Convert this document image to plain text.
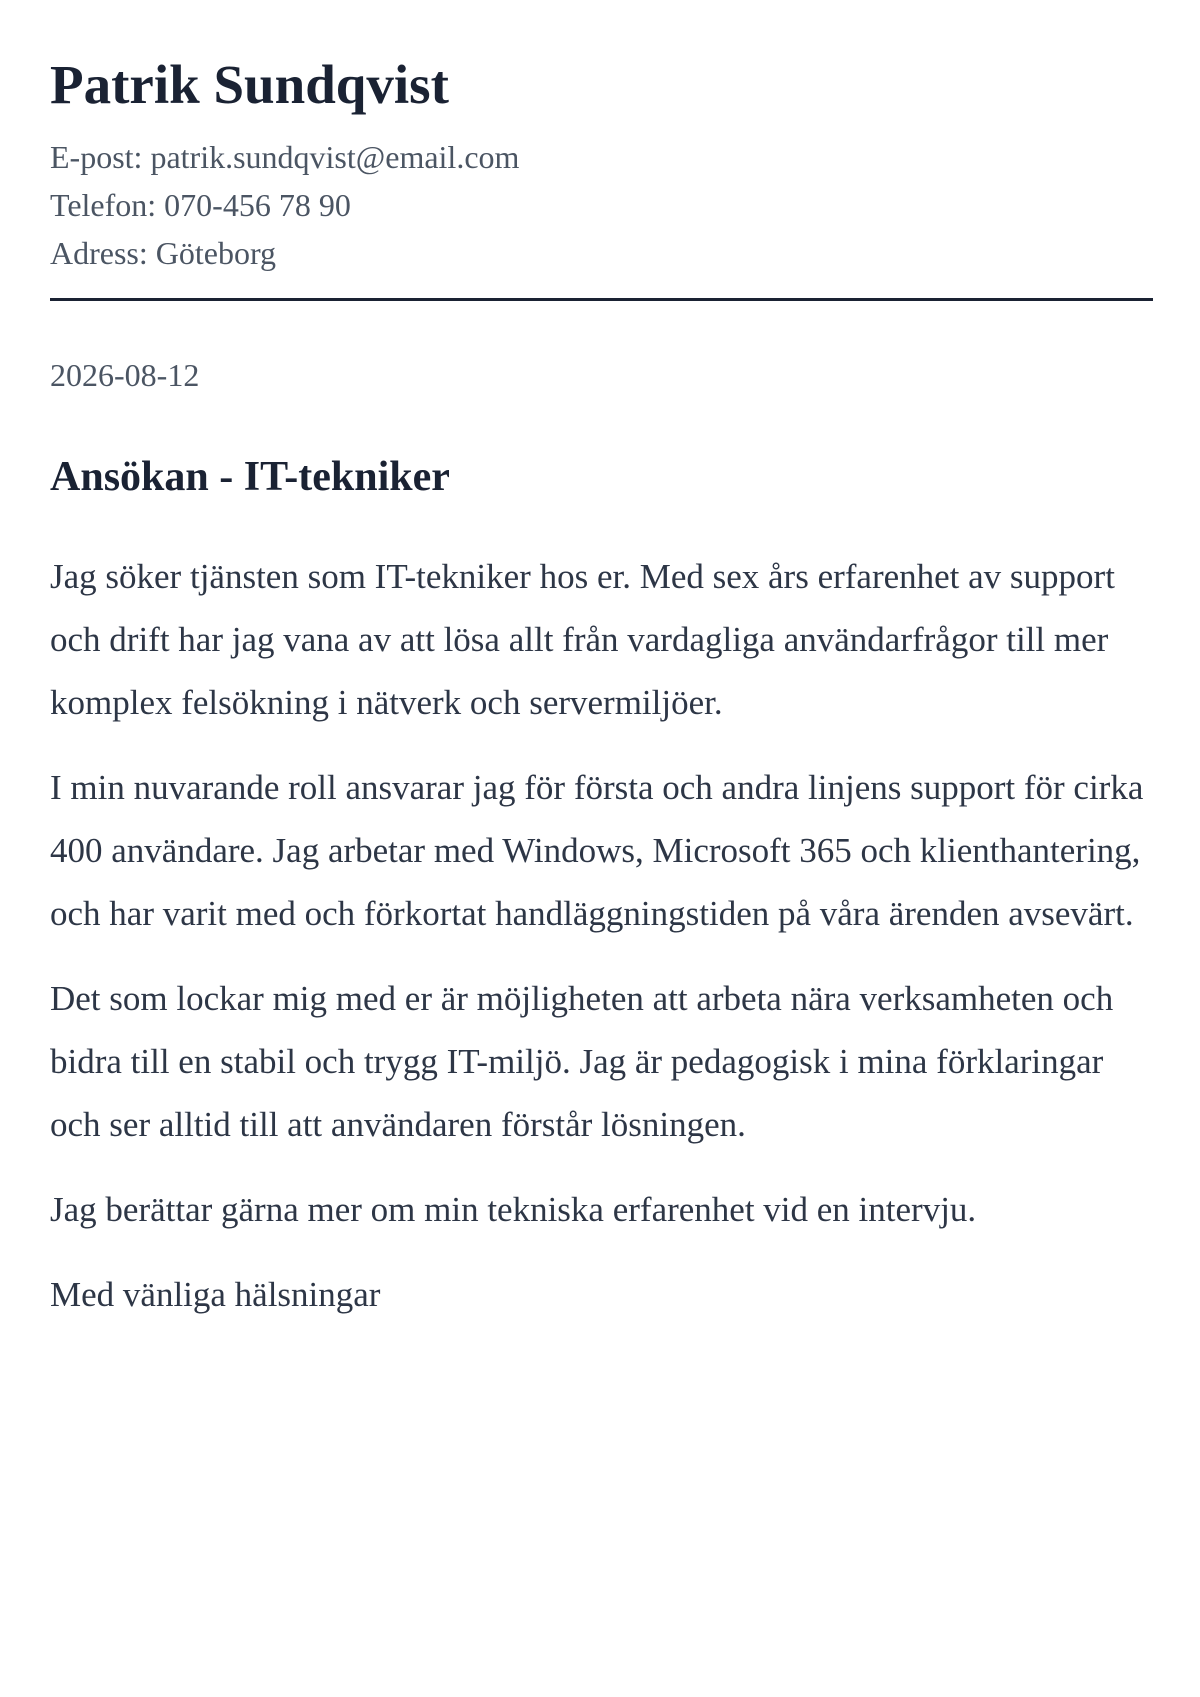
Patrik Sundqvist
E-post: patrik.sundqvist@email.com
Telefon: 070-456 78 90
Adress: Göteborg
2026-08-12
Ansökan - IT-tekniker

Jag söker tjänsten som IT-tekniker hos er. Med sex års erfarenhet av support och drift har jag vana av att lösa allt från vardagliga användarfrågor till mer komplex felsökning i nätverk och servermiljöer.

I min nuvarande roll ansvarar jag för första och andra linjens support för cirka 400 användare. Jag arbetar med Windows, Microsoft 365 och klienthantering, och har varit med och förkortat handläggningstiden på våra ärenden avsevärt.

Det som lockar mig med er är möjligheten att arbeta nära verksamheten och bidra till en stabil och trygg IT-miljö. Jag är pedagogisk i mina förklaringar och ser alltid till att användaren förstår lösningen.

Jag berättar gärna mer om min tekniska erfarenhet vid en intervju.

Med vänliga hälsningar
